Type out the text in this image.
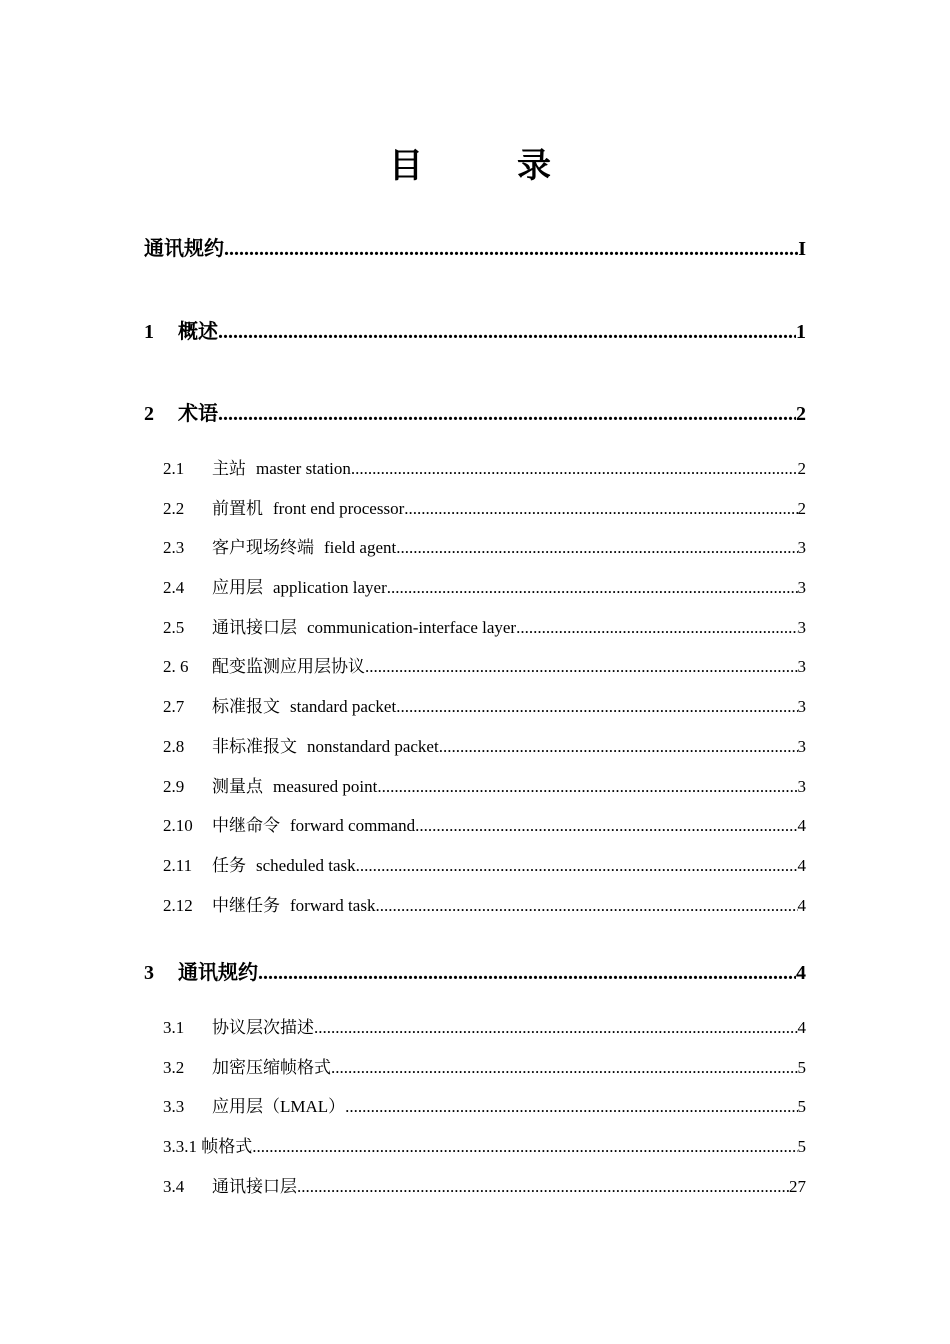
目　录
通讯规约 .....	I
1	概述 .....	1
2	术语 .....	2
2.1	主站 master station .....	2
2.2	前置机 front end processor .....	2
2.3	客户现场终端 field agent .....	3
2.4	应用层 application layer .....	3
2.5	通讯接口层 communication-interface layer .....	3
2. 6	配变监测应用层协议 .....	3
2.7	标准报文 standard packet .....	3
2.8	非标准报文 nonstandard packet .....	3
2.9	测量点 measured point .....	3
2.10	中继命令 forward command .....	4
2.11	任务 scheduled task .....	4
2.12	中继任务 forward task .....	4
3	通讯规约 .....	4
3.1	协议层次描述 .....	4
3.2	加密压缩帧格式 .....	5
3.3	应用层（LMAL） .....	5
3.3.1 帧格式 .....	5
3.4	通讯接口层 .....	27
